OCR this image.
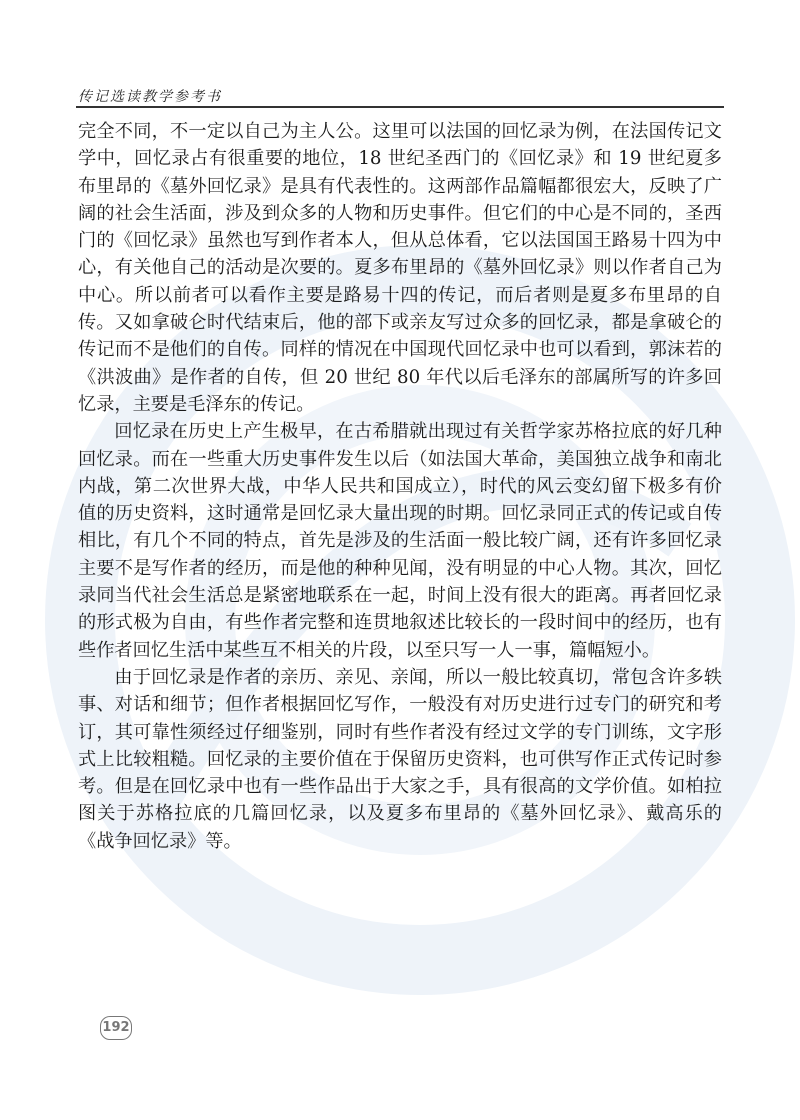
传记选读教学参考书

完全不同，不一定以自己为主人公。这里可以法国的回忆录为例，在法国传记文学中，回忆录占有很重要的地位，18 世纪圣西门的《回忆录》和 19 世纪夏多布里昂的《墓外回忆录》是具有代表性的。这两部作品篇幅都很宏大，反映了广阔的社会生活面，涉及到众多的人物和历史事件。但它们的中心是不同的，圣西门的《回忆录》虽然也写到作者本人，但从总体看，它以法国国王路易十四为中心，有关他自己的活动是次要的。夏多布里昂的《墓外回忆录》则以作者自己为中心。所以前者可以看作主要是路易十四的传记，而后者则是夏多布里昂的自传。又如拿破仑时代结束后，他的部下或亲友写过众多的回忆录，都是拿破仑的传记而不是他们的自传。同样的情况在中国现代回忆录中也可以看到，郭沫若的《洪波曲》是作者的自传，但 20 世纪 80 年代以后毛泽东的部属所写的许多回忆录，主要是毛泽东的传记。

回忆录在历史上产生极早，在古希腊就出现过有关哲学家苏格拉底的好几种回忆录。而在一些重大历史事件发生以后（如法国大革命，美国独立战争和南北内战，第二次世界大战，中华人民共和国成立），时代的风云变幻留下极多有价值的历史资料，这时通常是回忆录大量出现的时期。回忆录同正式的传记或自传相比，有几个不同的特点，首先是涉及的生活面一般比较广阔，还有许多回忆录主要不是写作者的经历，而是他的种种见闻，没有明显的中心人物。其次，回忆录同当代社会生活总是紧密地联系在一起，时间上没有很大的距离。再者回忆录的形式极为自由，有些作者完整和连贯地叙述比较长的一段时间中的经历，也有些作者回忆生活中某些互不相关的片段，以至只写一人一事，篇幅短小。

由于回忆录是作者的亲历、亲见、亲闻，所以一般比较真切，常包含许多轶事、对话和细节；但作者根据回忆写作，一般没有对历史进行过专门的研究和考订，其可靠性须经过仔细鉴别，同时有些作者没有经过文学的专门训练，文字形式上比较粗糙。回忆录的主要价值在于保留历史资料，也可供写作正式传记时参考。但是在回忆录中也有一些作品出于大家之手，具有很高的文学价值。如柏拉图关于苏格拉底的几篇回忆录，以及夏多布里昂的《墓外回忆录》、戴高乐的《战争回忆录》等。

192
